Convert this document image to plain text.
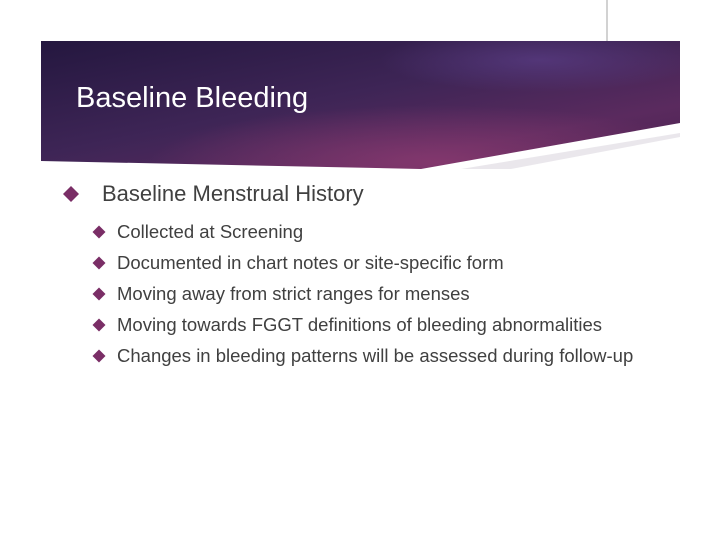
Baseline Bleeding
Baseline Menstrual History
Collected at Screening
Documented in chart notes or site-specific form
Moving away from strict ranges for menses
Moving towards FGGT definitions of bleeding abnormalities
Changes in bleeding patterns will be assessed during follow-up
